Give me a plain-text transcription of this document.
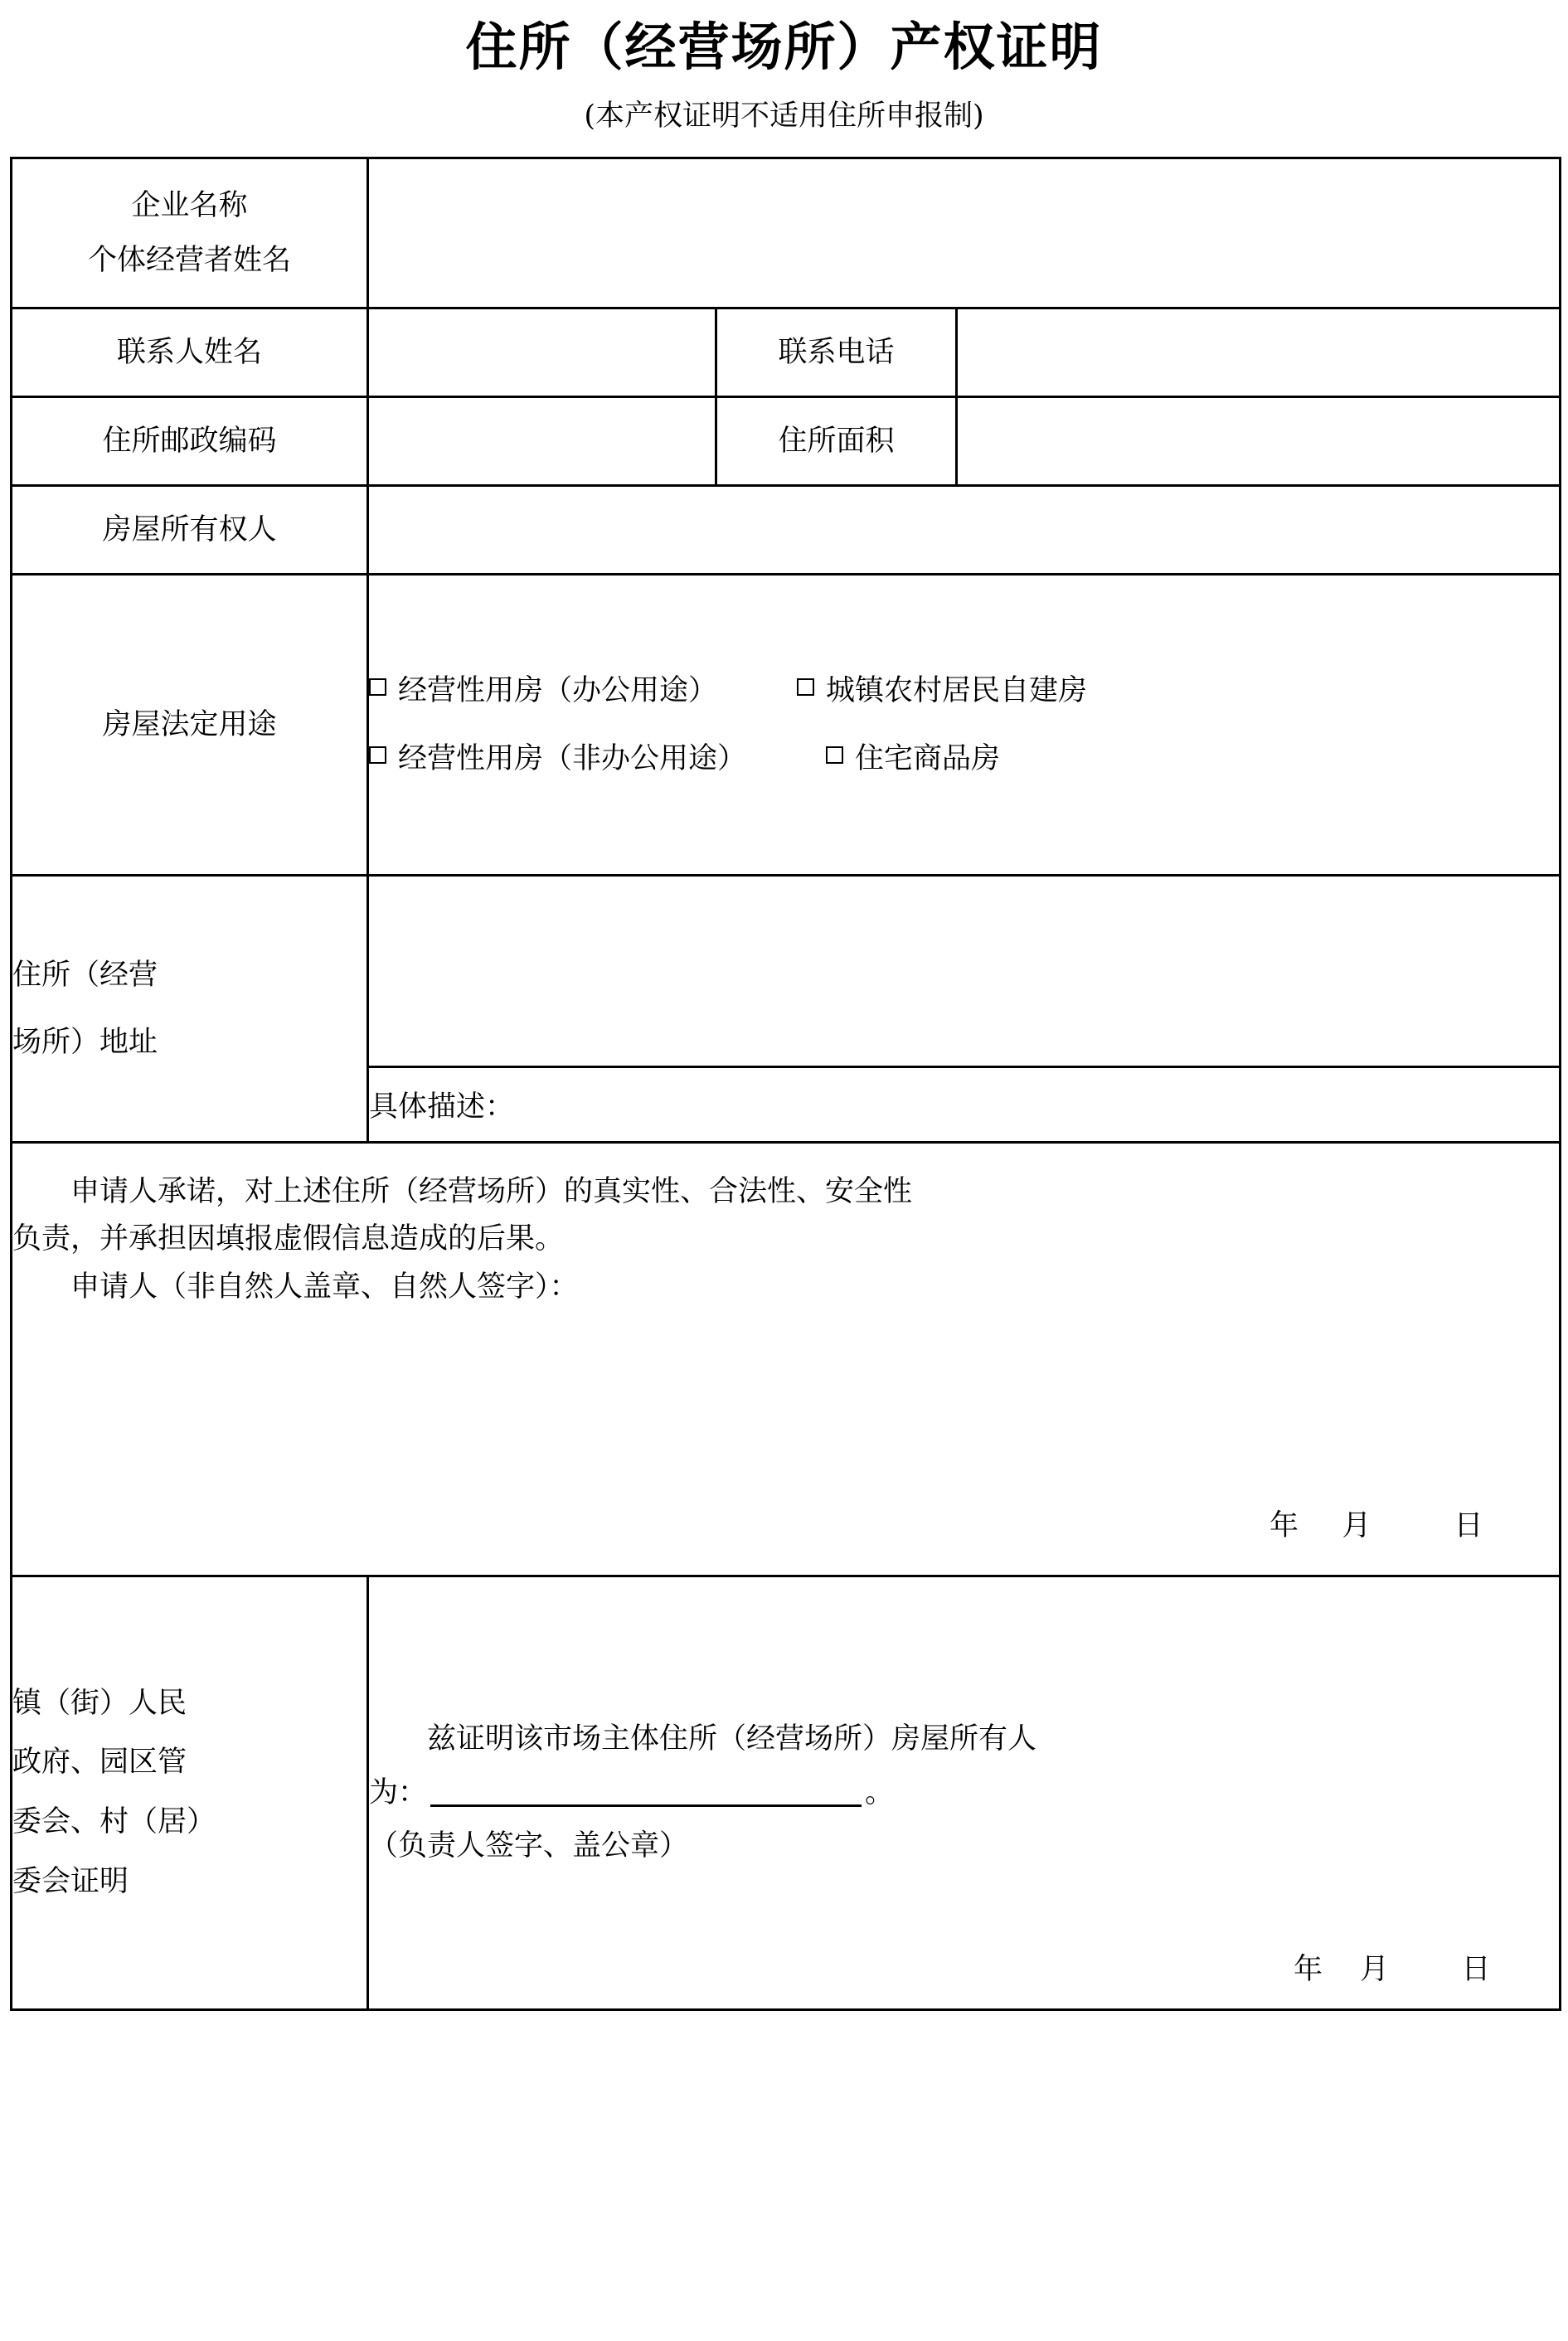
住所（经营场所）产权证明
(本产权证明不适用住所申报制)
企业名称
个体经营者姓名			

联系人姓名		联系电话	
住所邮政编码		住所面积	
房屋所有权人			
房屋法定用途	经营性用房（办公用途） 城镇农村居民自建房
经营性用房（非办公用途） 住宅商品房		

住所（经营
场所）地址			

	具体描述：		

申请人承诺，对上述住所（经营场所）的真实性、合法性、安全性
负责，并承担因填报虚假信息造成的后果。
申请人（非自然人盖章、自然人签字）：
年 月 日			

镇（街）人民
政府、园区管
委会、村（居）
委会证明

兹证明该市场主体住所（经营场所）房屋所有人
为：	。
（负责人签字、盖公章）
年 月 日
